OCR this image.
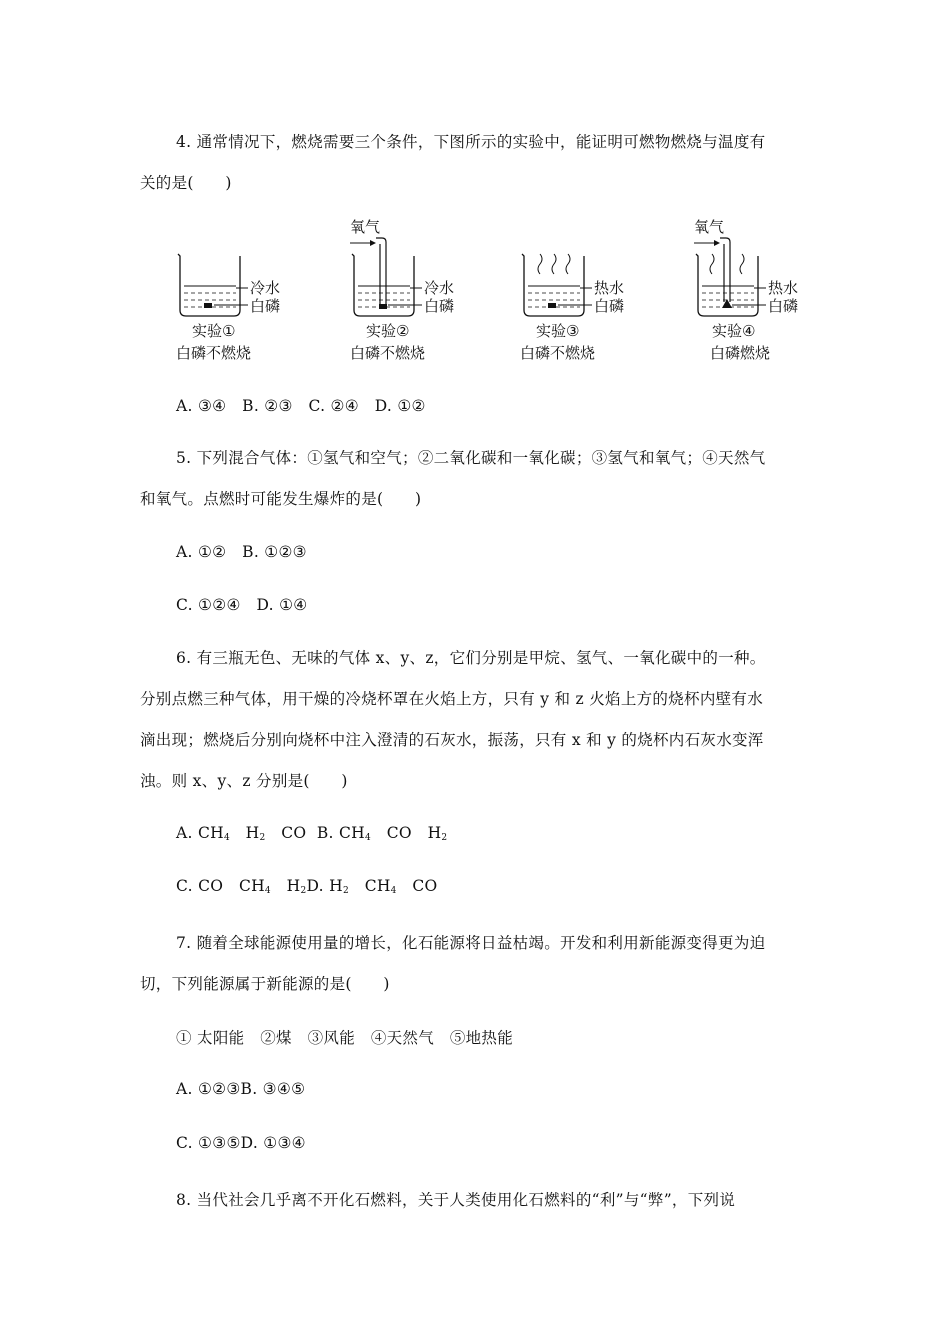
4. 通常情况下，燃烧需要三个条件，下图所示的实验中，能证明可燃物燃烧与温度有
关的是(　　)
冷水
白磷
实验①
白磷不燃烧
氧气
冷水
白磷
实验②
白磷不燃烧
热水
白磷
实验③
白磷不燃烧
氧气
热水
白磷
实验④
白磷燃烧
A. ③④　B. ②③　C. ②④　D. ①②
5. 下列混合气体：①氢气和空气；②二氧化碳和一氧化碳；③氢气和氧气；④天然气
和氧气。点燃时可能发生爆炸的是(　　)
A. ①②　B. ①②③
C. ①②④　D. ①④
6. 有三瓶无色、无味的气体 x、y、z，它们分别是甲烷、氢气、一氧化碳中的一种。
分别点燃三种气体，用干燥的冷烧杯罩在火焰上方，只有 y 和 z 火焰上方的烧杯内壁有水
滴出现；燃烧后分别向烧杯中注入澄清的石灰水，振荡，只有 x 和 y 的烧杯内石灰水变浑
浊。则 x、y、z 分别是(　　)
A. $CH_4$ $H_2$ CO B. $CH_4$ CO $H_2$
C. CO $CH_4$ $H_2D$. $H_2$ $CH_4$ CO
7. 随着全球能源使用量的增长，化石能源将日益枯竭。开发和利用新能源变得更为迫
切，下列能源属于新能源的是(　　)
① 太阳能　②煤　③风能　④天然气　⑤地热能
A. ①②③B. ③④⑤
C. ①③⑤D. ①③④
8. 当代社会几乎离不开化石燃料，关于人类使用化石燃料的“利”与“弊”，下列说
